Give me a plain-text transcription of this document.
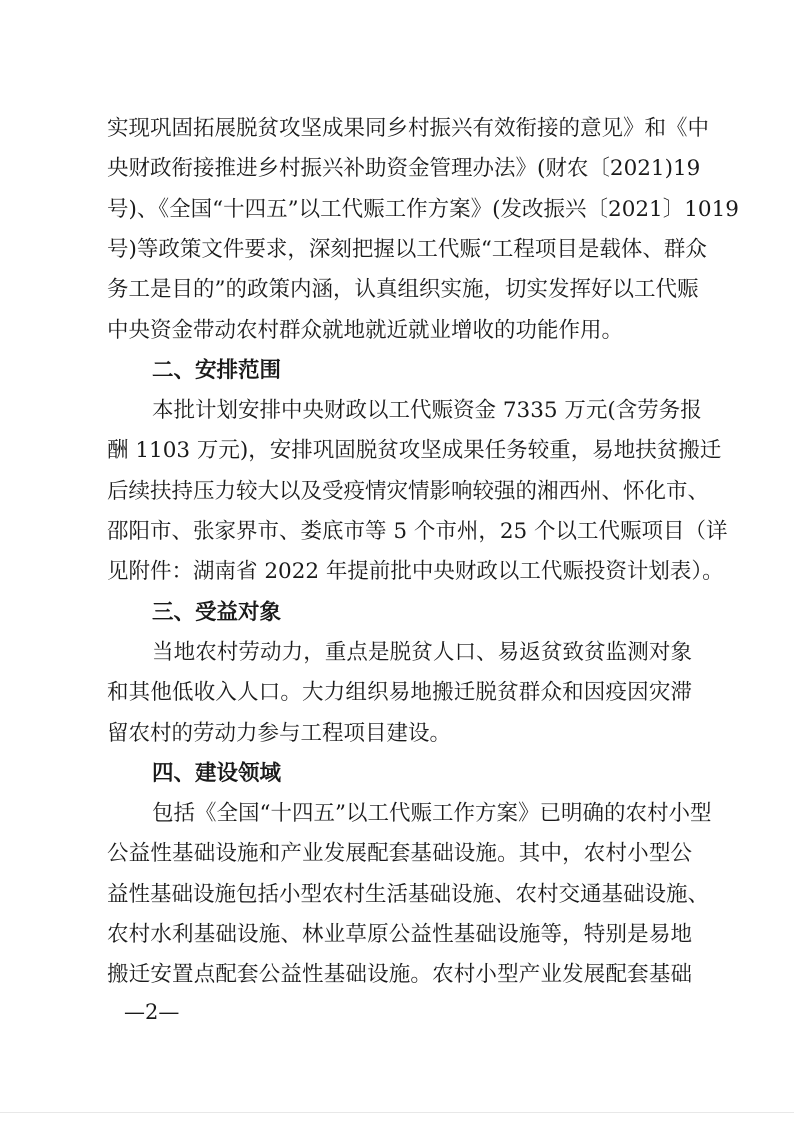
实现巩固拓展脱贫攻坚成果同乡村振兴有效衔接的意见》和《中
央财政衔接推进乡村振兴补助资金管理办法》(财农〔2021)19
号)、《全国“十四五”以工代赈工作方案》(发改振兴〔2021〕1019
号)等政策文件要求，深刻把握以工代赈“工程项目是载体、群众
务工是目的”的政策内涵，认真组织实施，切实发挥好以工代赈
中央资金带动农村群众就地就近就业增收的功能作用。
二、安排范围
本批计划安排中央财政以工代赈资金 7335 万元(含劳务报
酬 1103 万元)，安排巩固脱贫攻坚成果任务较重，易地扶贫搬迁
后续扶持压力较大以及受疫情灾情影响较强的湘西州、怀化市、
邵阳市、张家界市、娄底市等 5 个市州，25 个以工代赈项目（详
见附件：湖南省 2022 年提前批中央财政以工代赈投资计划表）。
三、受益对象
当地农村劳动力，重点是脱贫人口、易返贫致贫监测对象
和其他低收入人口。大力组织易地搬迁脱贫群众和因疫因灾滞
留农村的劳动力参与工程项目建设。
四、建设领域
包括《全国“十四五”以工代赈工作方案》已明确的农村小型
公益性基础设施和产业发展配套基础设施。其中，农村小型公
益性基础设施包括小型农村生活基础设施、农村交通基础设施、
农村水利基础设施、林业草原公益性基础设施等，特别是易地
搬迁安置点配套公益性基础设施。农村小型产业发展配套基础
—2—
